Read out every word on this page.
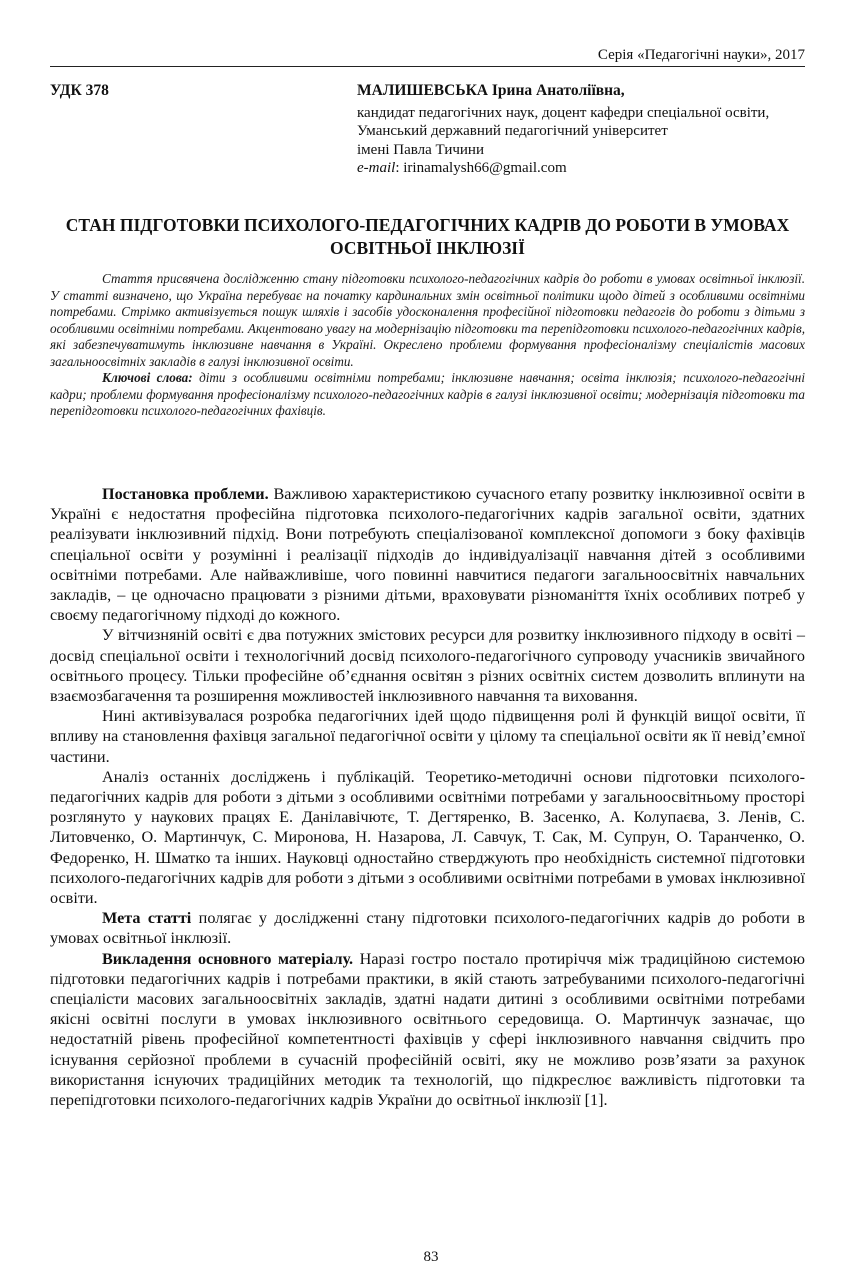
Серія «Педагогічні науки», 2017
УДК 378	МАЛИШЕВСЬКА Ірина Анатоліївна,
кандидат педагогічних наук, доцент кафедри спеціальної освіти,
Уманський державний педагогічний університет
імені Павла Тичини
e-mail: irinamalysh66@gmail.com
СТАН ПІДГОТОВКИ ПСИХОЛОГО-ПЕДАГОГІЧНИХ КАДРІВ ДО РОБОТИ В УМОВАХ ОСВІТНЬОЇ ІНКЛЮЗІЇ

Стаття присвячена дослідженню стану підготовки психолого-педагогічних кадрів до роботи в умовах освітньої інклюзії. У статті визначено, що Україна перебуває на початку кардинальних змін освітньої політики щодо дітей з особливими освітніми потребами. Стрімко активізується пошук шляхів і засобів удосконалення професійної підготовки педагогів до роботи з дітьми з особливими освітніми потребами. Акцентовано увагу на модернізацію підготовки та перепідготовки психолого-педагогічних кадрів, які забезпечуватимуть інклюзивне навчання в Україні. Окреслено проблеми формування професіоналізму спеціалістів масових загальноосвітніх закладів в галузі інклюзивної освіти.

Ключові слова: діти з особливими освітніми потребами; інклюзивне навчання; освіта інклюзія; психолого-педагогічні кадри; проблеми формування професіоналізму психолого-педагогічних кадрів в галузі інклюзивної освіти; модернізація підготовки та перепідготовки психолого-педагогічних фахівців.

Постановка проблеми. Важливою характеристикою сучасного етапу розвитку інклюзивної освіти в Україні є недостатня професійна підготовка психолого-педагогічних кадрів загальної освіти, здатних реалізувати інклюзивний підхід. Вони потребують спеціалізованої комплексної допомоги з боку фахівців спеціальної освіти у розумінні і реалізації підходів до індивідуалізації навчання дітей з особливими освітніми потребами. Але найважливіше, чого повинні навчитися педагоги загальноосвітніх навчальних закладів, – це одночасно працювати з різними дітьми, враховувати різноманіття їхніх особливих потреб у своєму педагогічному підході до кожного.

У вітчизняній освіті є два потужних змістових ресурси для розвитку інклюзивного підходу в освіті – досвід спеціальної освіти і технологічний досвід психолого-педагогічного супроводу учасників звичайного освітнього процесу. Тільки професійне об’єднання освітян з різних освітніх систем дозволить вплинути на взаємозбагачення та розширення можливостей інклюзивного навчання та виховання.

Нині активізувалася розробка педагогічних ідей щодо підвищення ролі й функцій вищої освіти, її впливу на становлення фахівця загальної педагогічної освіти у цілому та спеціальної освіти як її невід’ємної частини.

Аналіз останніх досліджень і публікацій. Теоретико-методичні основи підготовки психолого-педагогічних кадрів для роботи з дітьми з особливими освітніми потребами у загальноосвітньому просторі розглянуто у наукових працях Е. Данілавічютє, Т. Дегтяренко, В. Засенко, А. Колупаєва, З. Ленів, С. Литовченко, О. Мартинчук, С. Миронова, Н. Назарова, Л. Савчук, Т. Сак, М. Супрун, О. Таранченко, О. Федоренко, Н. Шматко та інших. Науковці одностайно стверджують про необхідність системної підготовки психолого-педагогічних кадрів для роботи з дітьми з особливими освітніми потребами в умовах інклюзивної освіти.

Мета статті полягає у дослідженні стану підготовки психолого-педагогічних кадрів до роботи в умовах освітньої інклюзії.

Викладення основного матеріалу. Наразі гостро постало протиріччя між традиційною системою підготовки педагогічних кадрів і потребами практики, в якій стають затребуваними психолого-педагогічні спеціалісти масових загальноосвітніх закладів, здатні надати дитині з особливими освітніми потребами якісні освітні послуги в умовах інклюзивного освітнього середовища. О. Мартинчук зазначає, що недостатній рівень професійної компетентності фахівців у сфері інклюзивного навчання свідчить про існування серйозної проблеми в сучасній професійній освіті, яку не можливо розв’язати за рахунок використання існуючих традиційних методик та технологій, що підкреслює важливість підготовки та перепідготовки психолого-педагогічних кадрів України до освітньої інклюзії [1].

83
